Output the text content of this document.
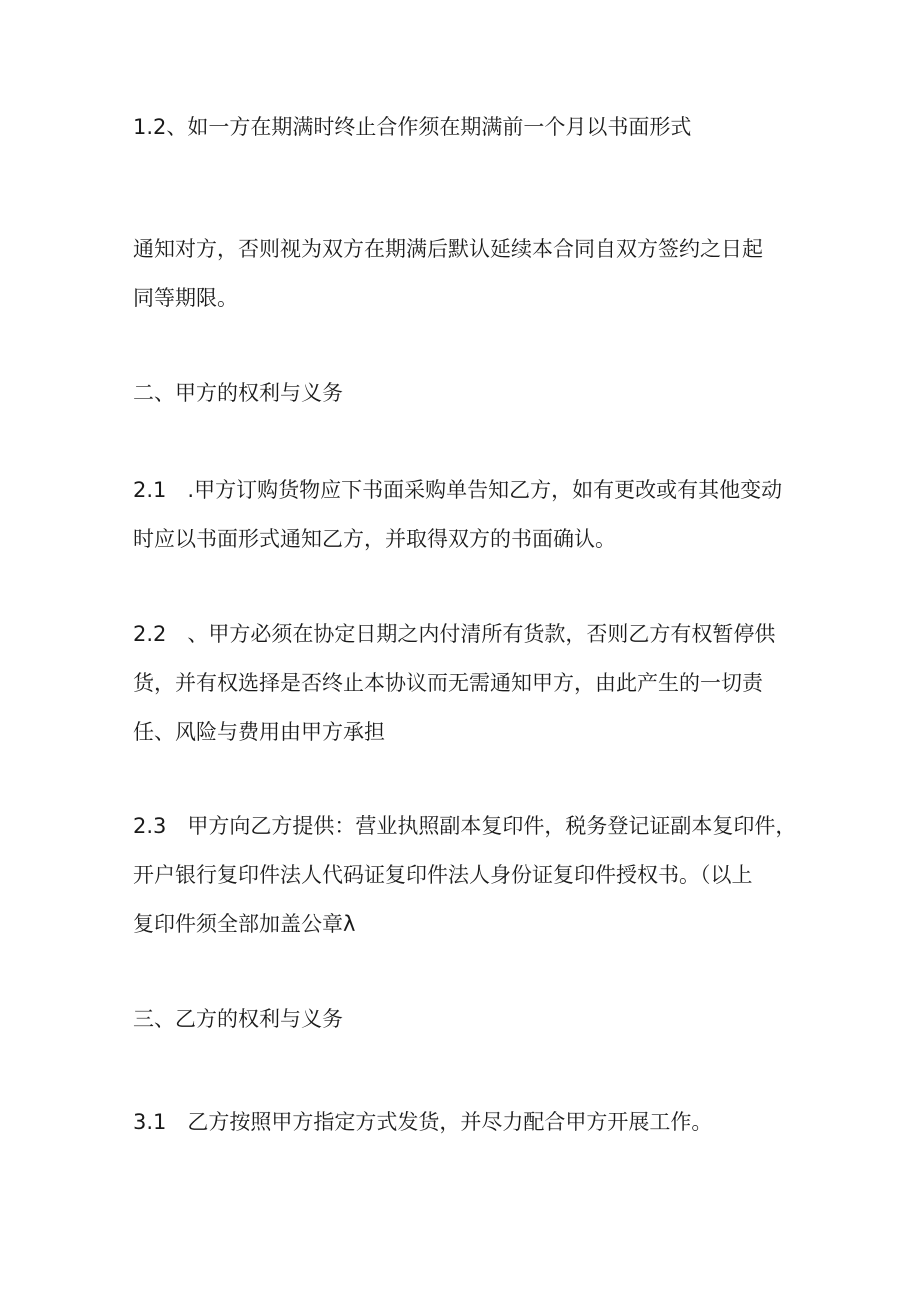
1.2、如一方在期满时终止合作须在期满前一个月以书面形式

通知对方，否则视为双方在期满后默认延续本合同自双方签约之日起
同等期限。

二、甲方的权利与义务

2.1　.甲方订购货物应下书面采购单告知乙方，如有更改或有其他变动
时应以书面形式通知乙方，并取得双方的书面确认。

2.2　、甲方必须在协定日期之内付清所有货款，否则乙方有权暂停供
货，并有权选择是否终止本协议而无需通知甲方，由此产生的一切责
任、风险与费用由甲方承担

2.3　甲方向乙方提供：营业执照副本复印件，税务登记证副本复印件，
开户银行复印件法人代码证复印件法人身份证复印件授权书。（以上
复印件须全部加盖公章λ

三、乙方的权利与义务

3.1　乙方按照甲方指定方式发货，并尽力配合甲方开展工作。
